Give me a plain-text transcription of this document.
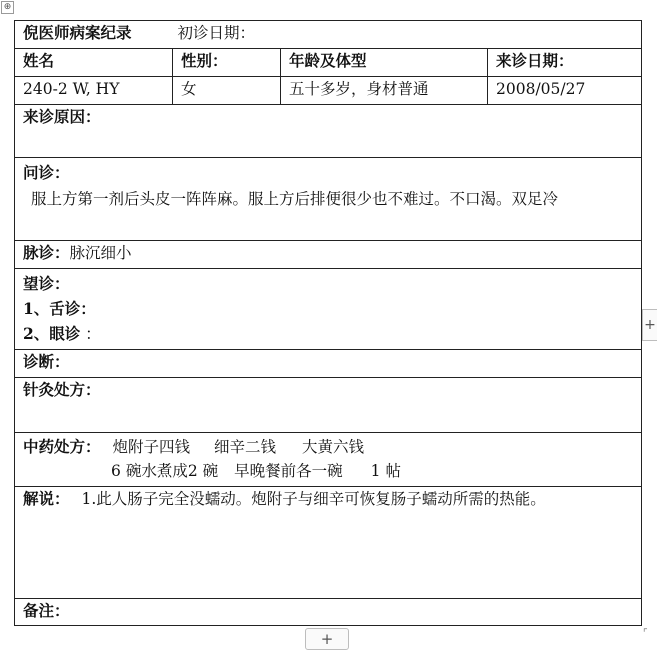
⊕
倪医师病案纪录 初诊日期：			
姓名	性别：	年龄及体型	来诊日期：
240-2 W, HY	女	五十多岁，身材普通	2008/05/27
来诊原因：			

问诊：
服上方第一剂后头皮一阵阵麻。服上方后排便很少也不难过。不口渴。双足冷			

脉诊：脉沉细小			

望诊：
1、舌诊：
2、眼诊 ：			

诊断：			
针灸处方：			

中药处方： 炮附子四钱 细辛二钱 大黄六钱
6 碗水煮成2 碗 早晚餐前各一碗 1 帖			

解说： 1.此人肠子完全没蠕动。炮附子与细辛可恢复肠子蠕动所需的热能。			
备注：			
+
+	⌜
